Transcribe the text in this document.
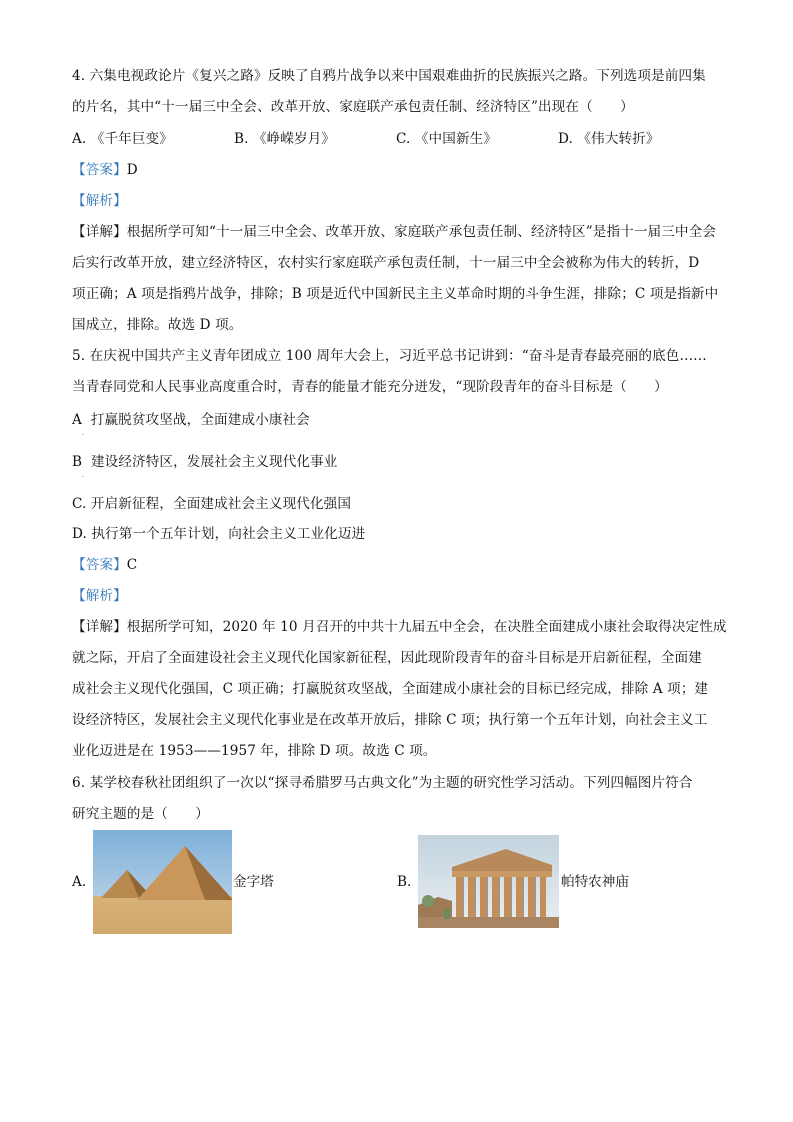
4. 六集电视政论片《复兴之路》反映了自鸦片战争以来中国艰难曲折的民族振兴之路。下列选项是前四集
的片名，其中“十一届三中全会、改革开放、家庭联产承包责任制、经济特区”出现在（　　）
A. 《千年巨变》	B. 《峥嵘岁月》	C. 《中国新生》	D. 《伟大转折》
【答案】D
【解析】
【详解】根据所学可知“十一届三中全会、改革开放、家庭联产承包责任制、经济特区”是指十一届三中全会
后实行改革开放，建立经济特区，农村实行家庭联产承包责任制，十一届三中全会被称为伟大的转折，D
项正确；A 项是指鸦片战争，排除；B 项是近代中国新民主主义革命时期的斗争生涯，排除；C 项是指新中
国成立，排除。故选 D 项。
5. 在庆祝中国共产主义青年团成立 100 周年大会上，习近平总书记讲到：“奋斗是青春最亮丽的底色……
当青春同党和人民事业高度重合时，青春的能量才能充分迸发，“现阶段青年的奋斗目标是（　　）
A 打赢脱贫攻坚战，全面建成小康社会
.
B 建设经济特区，发展社会主义现代化事业
.
C. 开启新征程，全面建成社会主义现代化强国
D. 执行第一个五年计划，向社会主义工业化迈进
【答案】C
【解析】
【详解】根据所学可知，2020 年 10 月召开的中共十九届五中全会，在决胜全面建成小康社会取得决定性成
就之际，开启了全面建设社会主义现代化国家新征程，因此现阶段青年的奋斗目标是开启新征程，全面建
成社会主义现代化强国，C 项正确；打赢脱贫攻坚战，全面建成小康社会的目标已经完成，排除 A 项；建
设经济特区，发展社会主义现代化事业是在改革开放后，排除 C 项；执行第一个五年计划，向社会主义工
业化迈进是在 1953——1957 年，排除 D 项。故选 C 项。
6. 某学校春秋社团组织了一次以“探寻希腊罗马古典文化”为主题的研究性学习活动。下列四幅图片符合
研究主题的是（　　）
A.	金字塔	B.	帕特农神庙
